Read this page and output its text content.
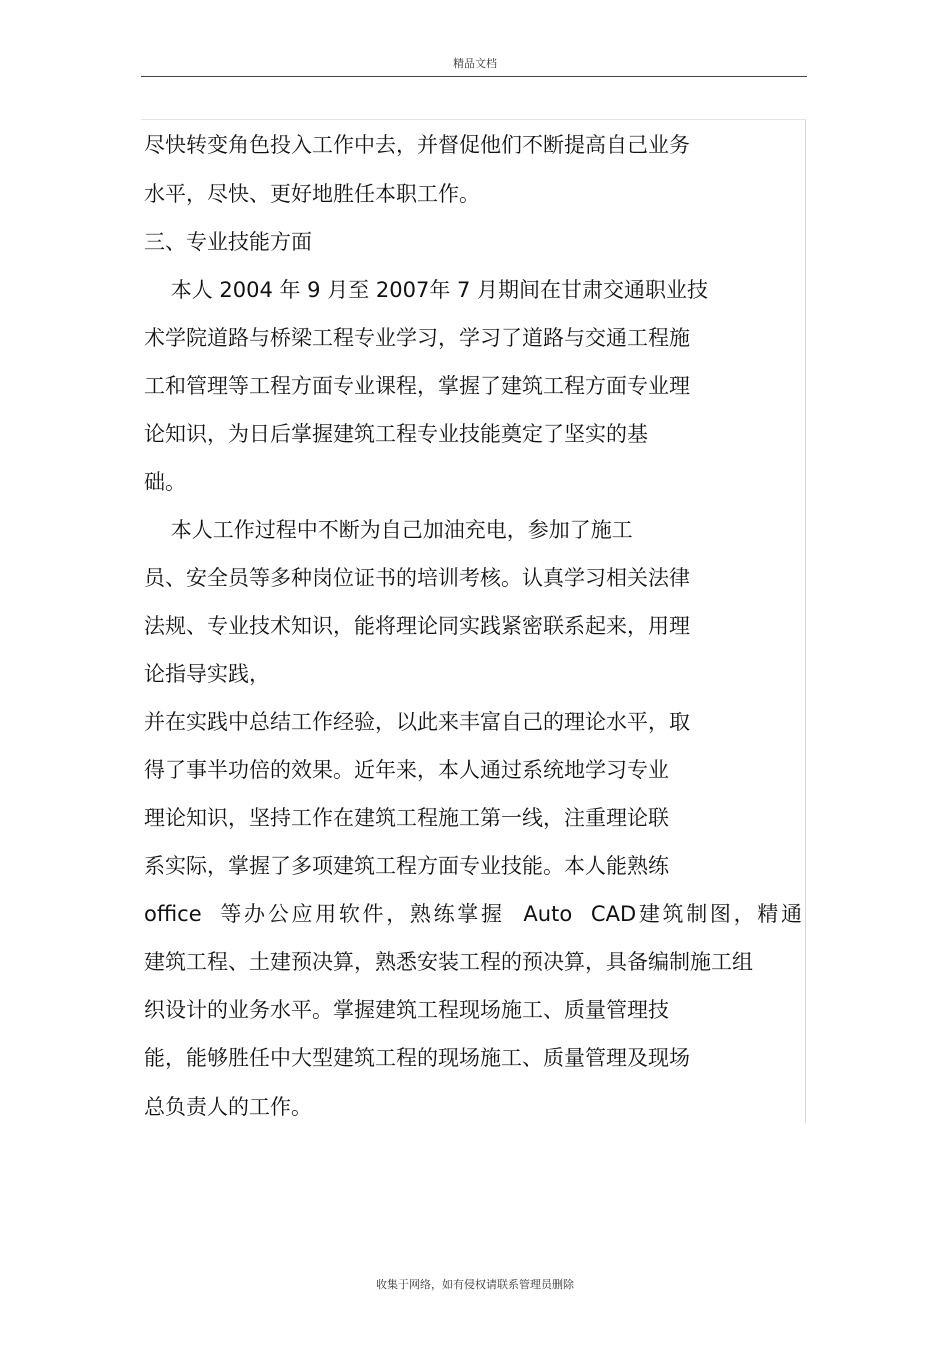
精品文档
尽快转变角色投入工作中去，并督促他们不断提高自己业务
水平，尽快、更好地胜任本职工作。
三、专业技能方面
本人 2004 年 9 月至 2007年 7 月期间在甘肃交通职业技
术学院道路与桥梁工程专业学习，学习了道路与交通工程施
工和管理等工程方面专业课程，掌握了建筑工程方面专业理
论知识，为日后掌握建筑工程专业技能奠定了坚实的基
础。
本人工作过程中不断为自己加油充电，参加了施工
员、安全员等多种岗位证书的培训考核。认真学习相关法律
法规、专业技术知识，能将理论同实践紧密联系起来，用理
论指导实践，
并在实践中总结工作经验，以此来丰富自己的理论水平，取
得了事半功倍的效果。近年来，本人通过系统地学习专业
理论知识，坚持工作在建筑工程施工第一线，注重理论联
系实际，掌握了多项建筑工程方面专业技能。本人能熟练
office  等办公应用软件，熟练掌握  Auto  CAD建筑制图，精通
建筑工程、土建预决算，熟悉安装工程的预决算，具备编制施工组
织设计的业务水平。掌握建筑工程现场施工、质量管理技
能，能够胜任中大型建筑工程的现场施工、质量管理及现场
总负责人的工作。
收集于网络，如有侵权请联系管理员删除
